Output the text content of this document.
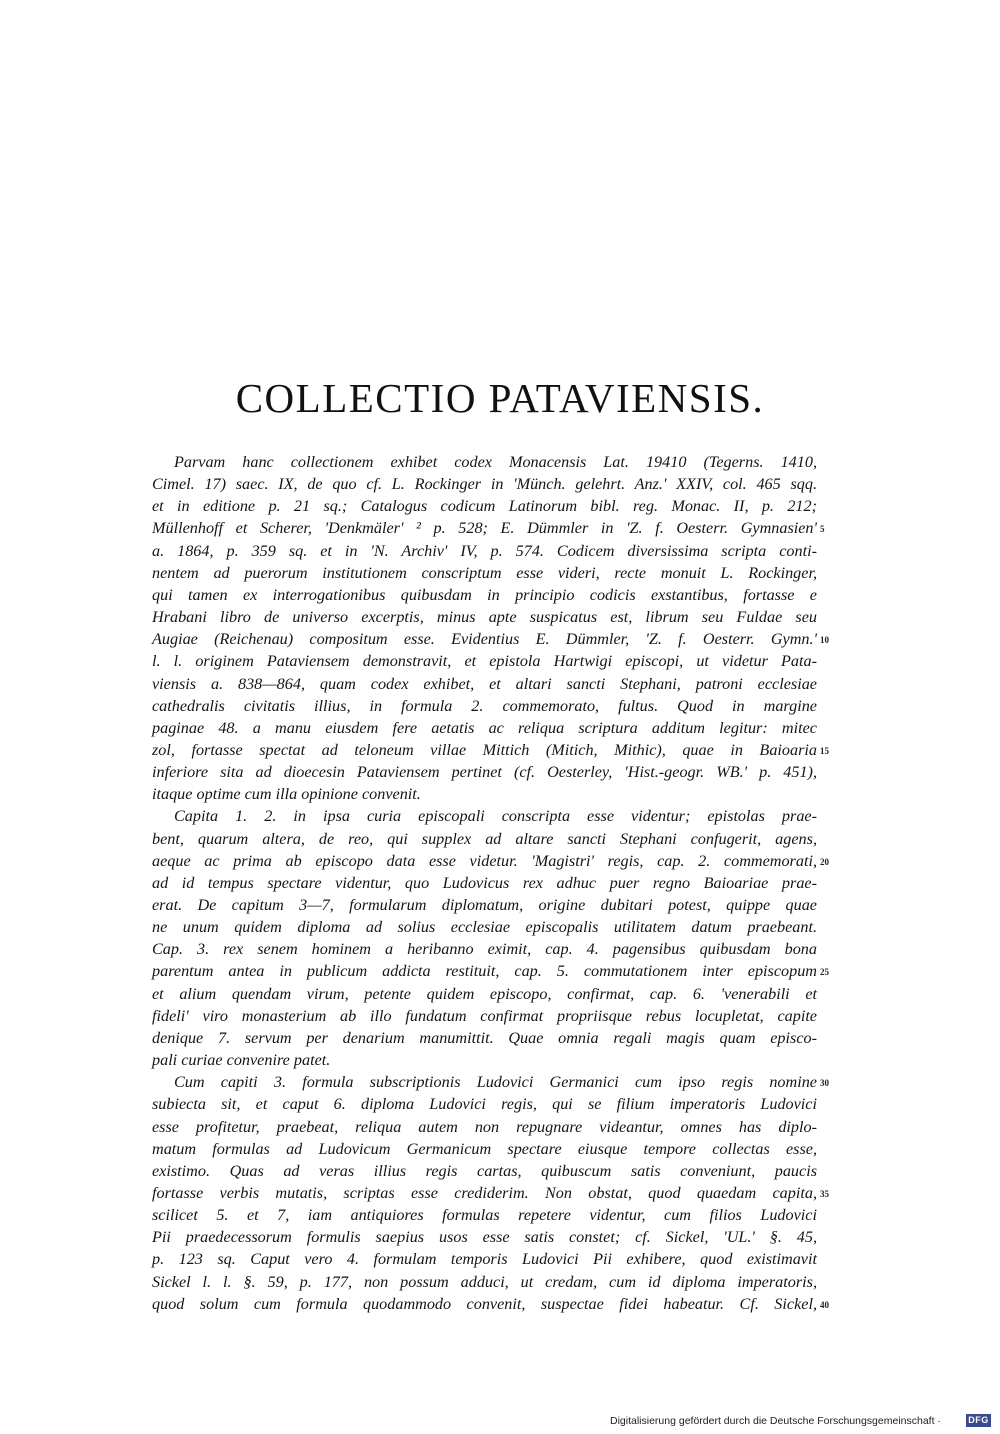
COLLECTIO PATAVIENSIS.
Parvam hanc collectionem exhibet codex Monacensis Lat. 19410 (Tegerns. 1410,
Cimel. 17) saec. IX, de quo cf. L. Rockinger in 'Münch. gelehrt. Anz.' XXIV, col. 465 sqq.
et in editione p. 21 sq.; Catalogus codicum Latinorum bibl. reg. Monac. II, p. 212;
Müllenhoff et Scherer, 'Denkmäler' ² p. 528; E. Dümmler in 'Z. f. Oesterr. Gymnasien' 5
a. 1864, p. 359 sq. et in 'N. Archiv' IV, p. 574. Codicem diversissima scripta conti-
nentem ad puerorum institutionem conscriptum esse videri, recte monuit L. Rockinger,
qui tamen ex interrogationibus quibusdam in principio codicis exstantibus, fortasse e
Hrabani libro de universo excerptis, minus apte suspicatus est, librum seu Fuldae seu
Augiae (Reichenau) compositum esse. Evidentius E. Dümmler, 'Z. f. Oesterr. Gymn.' 10
l. l. originem Pataviensem demonstravit, et epistola Hartwigi episcopi, ut videtur Pata-
viensis a. 838—864, quam codex exhibet, et altari sancti Stephani, patroni ecclesiae
cathedralis civitatis illius, in formula 2. commemorato, fultus. Quod in margine
paginae 48. a manu eiusdem fere aetatis ac reliqua scriptura additum legitur: mitec
zol, fortasse spectat ad teloneum villae Mittich (Mitich, Mithic), quae in Baioaria 15
inferiore sita ad dioecesin Pataviensem pertinet (cf. Oesterley, 'Hist.-geogr. WB.' p. 451),
itaque optime cum illa opinione convenit.
Capita 1. 2. in ipsa curia episcopali conscripta esse videntur; epistolas prae-
bent, quarum altera, de reo, qui supplex ad altare sancti Stephani confugerit, agens,
aeque ac prima ab episcopo data esse videtur. 'Magistri' regis, cap. 2. commemorati, 20
ad id tempus spectare videntur, quo Ludovicus rex adhuc puer regno Baioariae prae-
erat. De capitum 3—7, formularum diplomatum, origine dubitari potest, quippe quae
ne unum quidem diploma ad solius ecclesiae episcopalis utilitatem datum praebeant.
Cap. 3. rex senem hominem a heribanno eximit, cap. 4. pagensibus quibusdam bona
parentum antea in publicum addicta restituit, cap. 5. commutationem inter episcopum 25
et alium quendam virum, petente quidem episcopo, confirmat, cap. 6. 'venerabili et
fideli' viro monasterium ab illo fundatum confirmat propriisque rebus locupletat, capite
denique 7. servum per denarium manumittit. Quae omnia regali magis quam episco-
pali curiae convenire patet.
Cum capiti 3. formula subscriptionis Ludovici Germanici cum ipso regis nomine 30
subiecta sit, et caput 6. diploma Ludovici regis, qui se filium imperatoris Ludovici
esse profitetur, praebeat, reliqua autem non repugnare videantur, omnes has diplo-
matum formulas ad Ludovicum Germanicum spectare eiusque tempore collectas esse,
existimo. Quas ad veras illius regis cartas, quibuscum satis conveniunt, paucis
fortasse verbis mutatis, scriptas esse crediderim. Non obstat, quod quaedam capita, 35
scilicet 5. et 7, iam antiquiores formulas repetere videntur, cum filios Ludovici
Pii praedecessorum formulis saepius usos esse satis constet; cf. Sickel, 'UL.' §. 45,
p. 123 sq. Caput vero 4. formulam temporis Ludovici Pii exhibere, quod existimavit
Sickel l. l. §. 59, p. 177, non possum adduci, ut credam, cum id diploma imperatoris,
quod solum cum formula quodammodo convenit, suspectae fidei habeatur. Cf. Sickel, 40
Digitalisierung gefördert durch die Deutsche Forschungsgemeinschaft ·	DFG
